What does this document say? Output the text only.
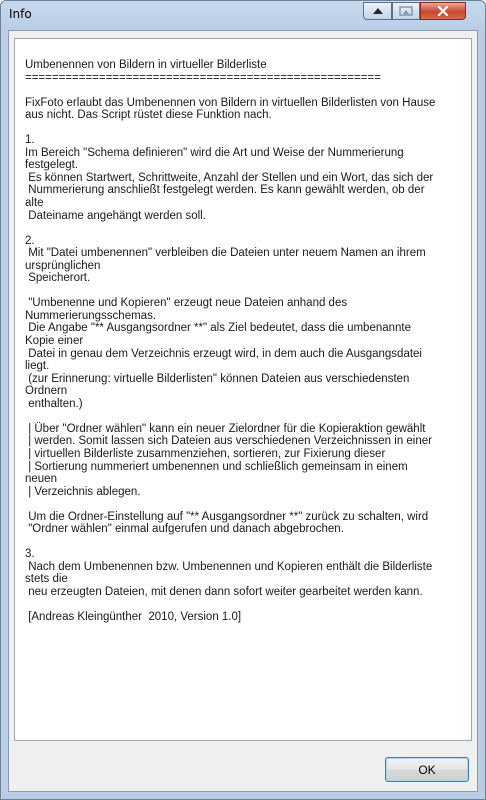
Info
Umbenennen von Bildern in virtueller Bilderliste
=====================================================

FixFoto erlaubt das Umbenennen von Bildern in virtuellen Bilderlisten von Hause
aus nicht. Das Script rüstet diese Funktion nach.

1.
Im Bereich "Schema definieren" wird die Art und Weise der Nummerierung
festgelegt.
Es können Startwert, Schrittweite, Anzahl der Stellen und ein Wort, das sich der
Nummerierung anschließt festgelegt werden. Es kann gewählt werden, ob der
alte
Dateiname angehängt werden soll.

2.
Mit "Datei umbenennen" verbleiben die Dateien unter neuem Namen an ihrem
ursprünglichen
Speicherort.

"Umbenenne und Kopieren" erzeugt neue Dateien anhand des
Nummerierungsschemas.
Die Angabe "** Ausgangsordner **" als Ziel bedeutet, dass die umbenannte
Kopie einer
Datei in genau dem Verzeichnis erzeugt wird, in dem auch die Ausgangsdatei
liegt.
(zur Erinnerung: virtuelle Bilderlisten" können Dateien aus verschiedensten
Ordnern
enthalten.)

| Über "Ordner wählen" kann ein neuer Zielordner für die Kopieraktion gewählt
| werden. Somit lassen sich Dateien aus verschiedenen Verzeichnissen in einer
| virtuellen Bilderliste zusammenziehen, sortieren, zur Fixierung dieser
| Sortierung nummeriert umbenennen und schließlich gemeinsam in einem
neuen
| Verzeichnis ablegen.

Um die Ordner-Einstellung auf "** Ausgangsordner **" zurück zu schalten, wird
"Ordner wählen" einmal aufgerufen und danach abgebrochen.

3.
Nach dem Umbenennen bzw. Umbenennen und Kopieren enthält die Bilderliste
stets die
neu erzeugten Dateien, mit denen dann sofort weiter gearbeitet werden kann.

[Andreas Kleingünther  2010, Version 1.0]
OK
